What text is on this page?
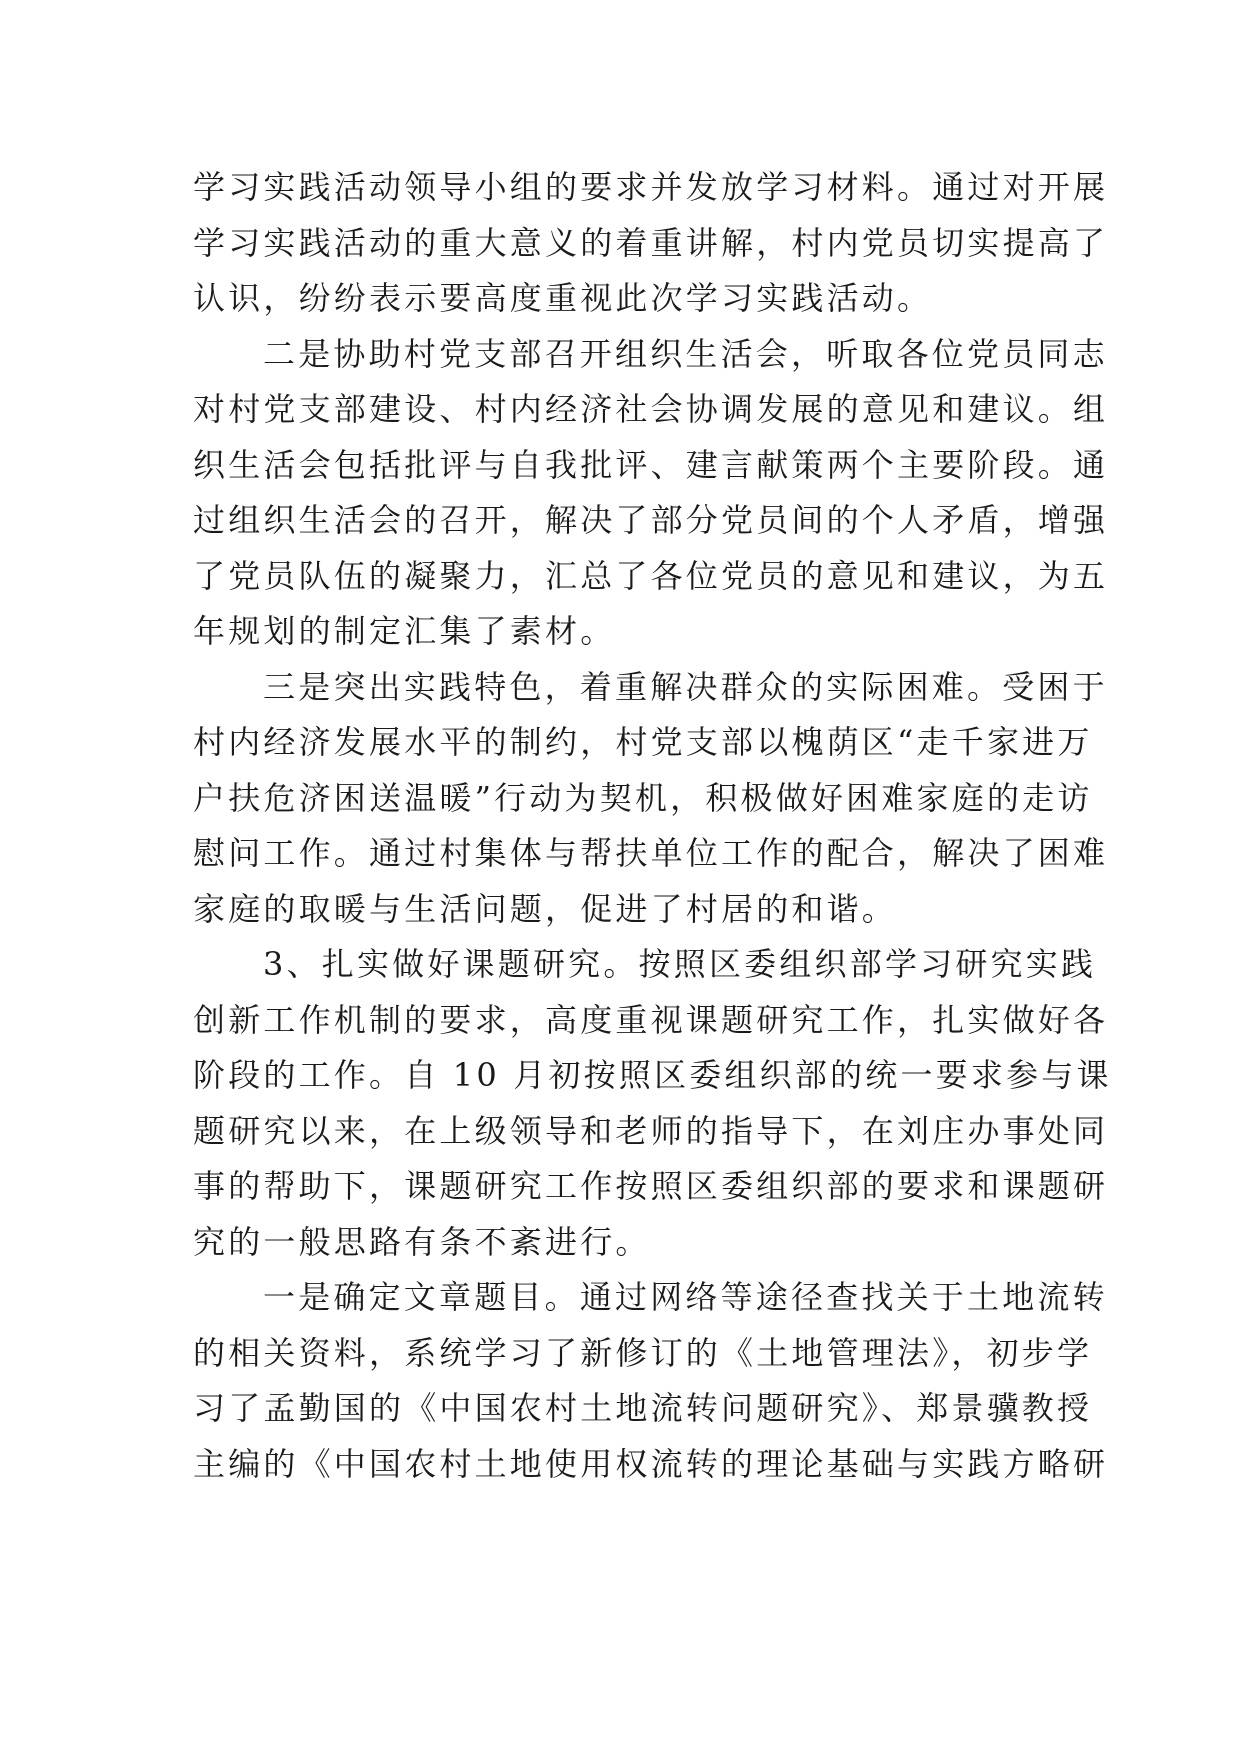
学习实践活动领导小组的要求并发放学习材料。通过对开展
学习实践活动的重大意义的着重讲解，村内党员切实提高了
认识，纷纷表示要高度重视此次学习实践活动。
二是协助村党支部召开组织生活会，听取各位党员同志
对村党支部建设、村内经济社会协调发展的意见和建议。组
织生活会包括批评与自我批评、建言献策两个主要阶段。通
过组织生活会的召开，解决了部分党员间的个人矛盾，增强
了党员队伍的凝聚力，汇总了各位党员的意见和建议，为五
年规划的制定汇集了素材。
三是突出实践特色，着重解决群众的实际困难。受困于
村内经济发展水平的制约，村党支部以槐荫区“走千家进万
户扶危济困送温暖”行动为契机，积极做好困难家庭的走访
慰问工作。通过村集体与帮扶单位工作的配合，解决了困难
家庭的取暖与生活问题，促进了村居的和谐。
3、扎实做好课题研究。按照区委组织部学习研究实践
创新工作机制的要求，高度重视课题研究工作，扎实做好各
阶段的工作。自 10 月初按照区委组织部的统一要求参与课
题研究以来，在上级领导和老师的指导下，在刘庄办事处同
事的帮助下，课题研究工作按照区委组织部的要求和课题研
究的一般思路有条不紊进行。
一是确定文章题目。通过网络等途径查找关于土地流转
的相关资料，系统学习了新修订的《土地管理法》，初步学
习了孟勤国的《中国农村土地流转问题研究》、郑景骥教授
主编的《中国农村土地使用权流转的理论基础与实践方略研
